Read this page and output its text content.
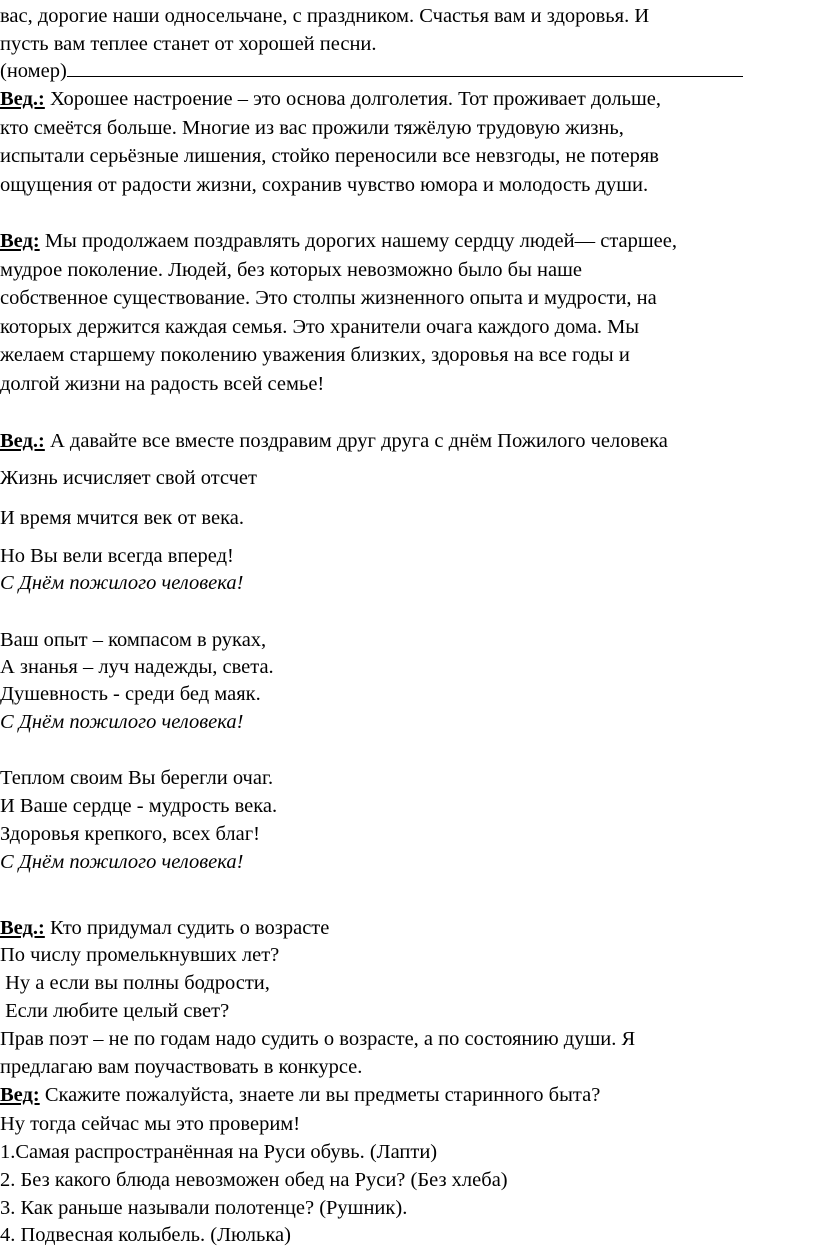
вас, дорогие наши односельчане, с праздником. Счастья вам и здоровья. И
пусть вам теплее станет от хорошей песни.
(номер)
Вед.: Хорошее настроение – это основа долголетия. Тот проживает дольше,
кто смеётся больше. Многие из вас прожили тяжёлую трудовую жизнь,
испытали серьёзные лишения, стойко переносили все невзгоды, не потеряв
ощущения от радости жизни, сохранив чувство юмора и молодость души.
Вед: Мы продолжаем поздравлять дорогих нашему сердцу людей— старшее,
мудрое поколение. Людей, без которых невозможно было бы наше
собственное существование. Это столпы жизненного опыта и мудрости, на
которых держится каждая семья. Это хранители очага каждого дома. Мы
желаем старшему поколению уважения близких, здоровья на все годы и
долгой жизни на радость всей семье!
Вед.: А давайте все вместе поздравим друг друга с днём Пожилого человека
Жизнь исчисляет свой отсчет
И время мчится век от века.
Но Вы вели всегда вперед!
С Днём пожилого человека!
Ваш опыт – компасом в руках,
А знанья – луч надежды, света.
Душевность - среди бед маяк.
С Днём пожилого человека!
Теплом своим Вы берегли очаг.
И Ваше сердце - мудрость века.
Здоровья крепкого, всех благ!
С Днём пожилого человека!
Вед.: Кто придумал судить о возрасте
По числу промелькнувших лет?
Ну а если вы полны бодрости,
Если любите целый свет?
Прав поэт – не по годам надо судить о возрасте, а по состоянию души. Я
предлагаю вам поучаствовать в конкурсе.
Вед: Скажите пожалуйста, знаете ли вы предметы старинного быта?
Ну тогда сейчас мы это проверим!
1.Самая распространённая на Руси обувь. (Лапти)
2. Без какого блюда невозможен обед на Руси? (Без хлеба)
3. Как раньше называли полотенце? (Рушник).
4. Подвесная колыбель. (Люлька)
